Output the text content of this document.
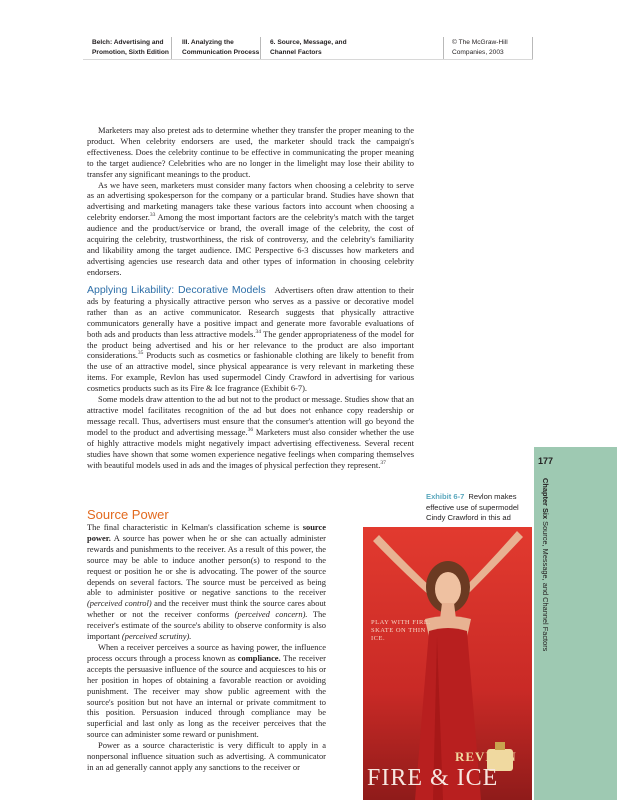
Belch: Advertising and
Promotion, Sixth Edition
III. Analyzing the
Communication Process
6. Source, Message, and
Channel Factors
© The McGraw-Hill
Companies, 2003

Marketers may also pretest ads to determine whether they transfer the proper meaning to the product. When celebrity endorsers are used, the marketer should track the campaign's effectiveness. Does the celebrity continue to be effective in communicating the proper meaning to the target audience? Celebrities who are no longer in the limelight may lose their ability to transfer any significant meanings to the product.

As we have seen, marketers must consider many factors when choosing a celebrity to serve as an advertising spokesperson for the company or a particular brand. Studies have shown that advertising and marketing managers take these various factors into account when choosing a celebrity endorser.$^{33}$ Among the most important factors are the celebrity's match with the target audience and the product/service or brand, the overall image of the celebrity, the cost of acquiring the celebrity, trustworthiness, the risk of controversy, and the celebrity's familiarity and likability among the target audience. IMC Perspective 6-3 discusses how marketers and advertising agencies use research data and other types of information in choosing celebrity endorsers.

Applying Likability: Decorative Models Advertisers often draw attention to their ads by featuring a physically attractive person who serves as a passive or decorative model rather than as an active communicator. Research suggests that physically attractive communicators generally have a positive impact and generate more favorable evaluations of both ads and products than less attractive models.$^{34}$ The gender appropriateness of the model for the product being advertised and his or her relevance to the product are also important considerations.$^{35}$ Products such as cosmetics or fashionable clothing are likely to benefit from the use of an attractive model, since physical appearance is very relevant in marketing these items. For example, Revlon has used supermodel Cindy Crawford in advertising for various cosmetics products such as its Fire & Ice fragrance (Exhibit 6-7).

Some models draw attention to the ad but not to the product or message. Studies show that an attractive model facilitates recognition of the ad but does not enhance copy readership or message recall. Thus, advertisers must ensure that the consumer's attention will go beyond the model to the product and advertising message.$^{36}$ Marketers must also consider whether the use of highly attractive models might negatively impact advertising effectiveness. Several recent studies have shown that some women experience negative feelings when comparing themselves with beautiful models used in ads and the images of physical perfection they represent.$^{37}$

Source Power

The final characteristic in Kelman's classification scheme is source power. A source has power when he or she can actually administer rewards and punishments to the receiver. As a result of this power, the source may be able to induce another person(s) to respond to the request or position he or she is advocating. The power of the source depends on several factors. The source must be perceived as being able to administer positive or negative sanctions to the receiver (perceived control) and the receiver must think the source cares about whether or not the receiver conforms (perceived concern). The receiver's estimate of the source's ability to observe conformity is also important (perceived scrutiny).

When a receiver perceives a source as having power, the influence process occurs through a process known as compliance. The receiver accepts the persuasive influence of the source and acquiesces to his or her position in hopes of obtaining a favorable reaction or avoiding punishment. The receiver may show public agreement with the source's position but not have an internal or private commitment to this position. Persuasion induced through compliance may be superficial and last only as long as the receiver perceives that the source can administer some reward or punishment.

Power as a source characteristic is very difficult to apply in a nonpersonal influence situation such as advertising. A communicator in an ad generally cannot apply any sanctions to the receiver or

177
Chapter Six Source, Message, and Channel Factors
Exhibit 6-7 Revlon makes effective use of supermodel Cindy Crawford in this ad
PLAY WITH FIRE. SKATE ON THIN ICE.
REVLON
FIRE & ICE
